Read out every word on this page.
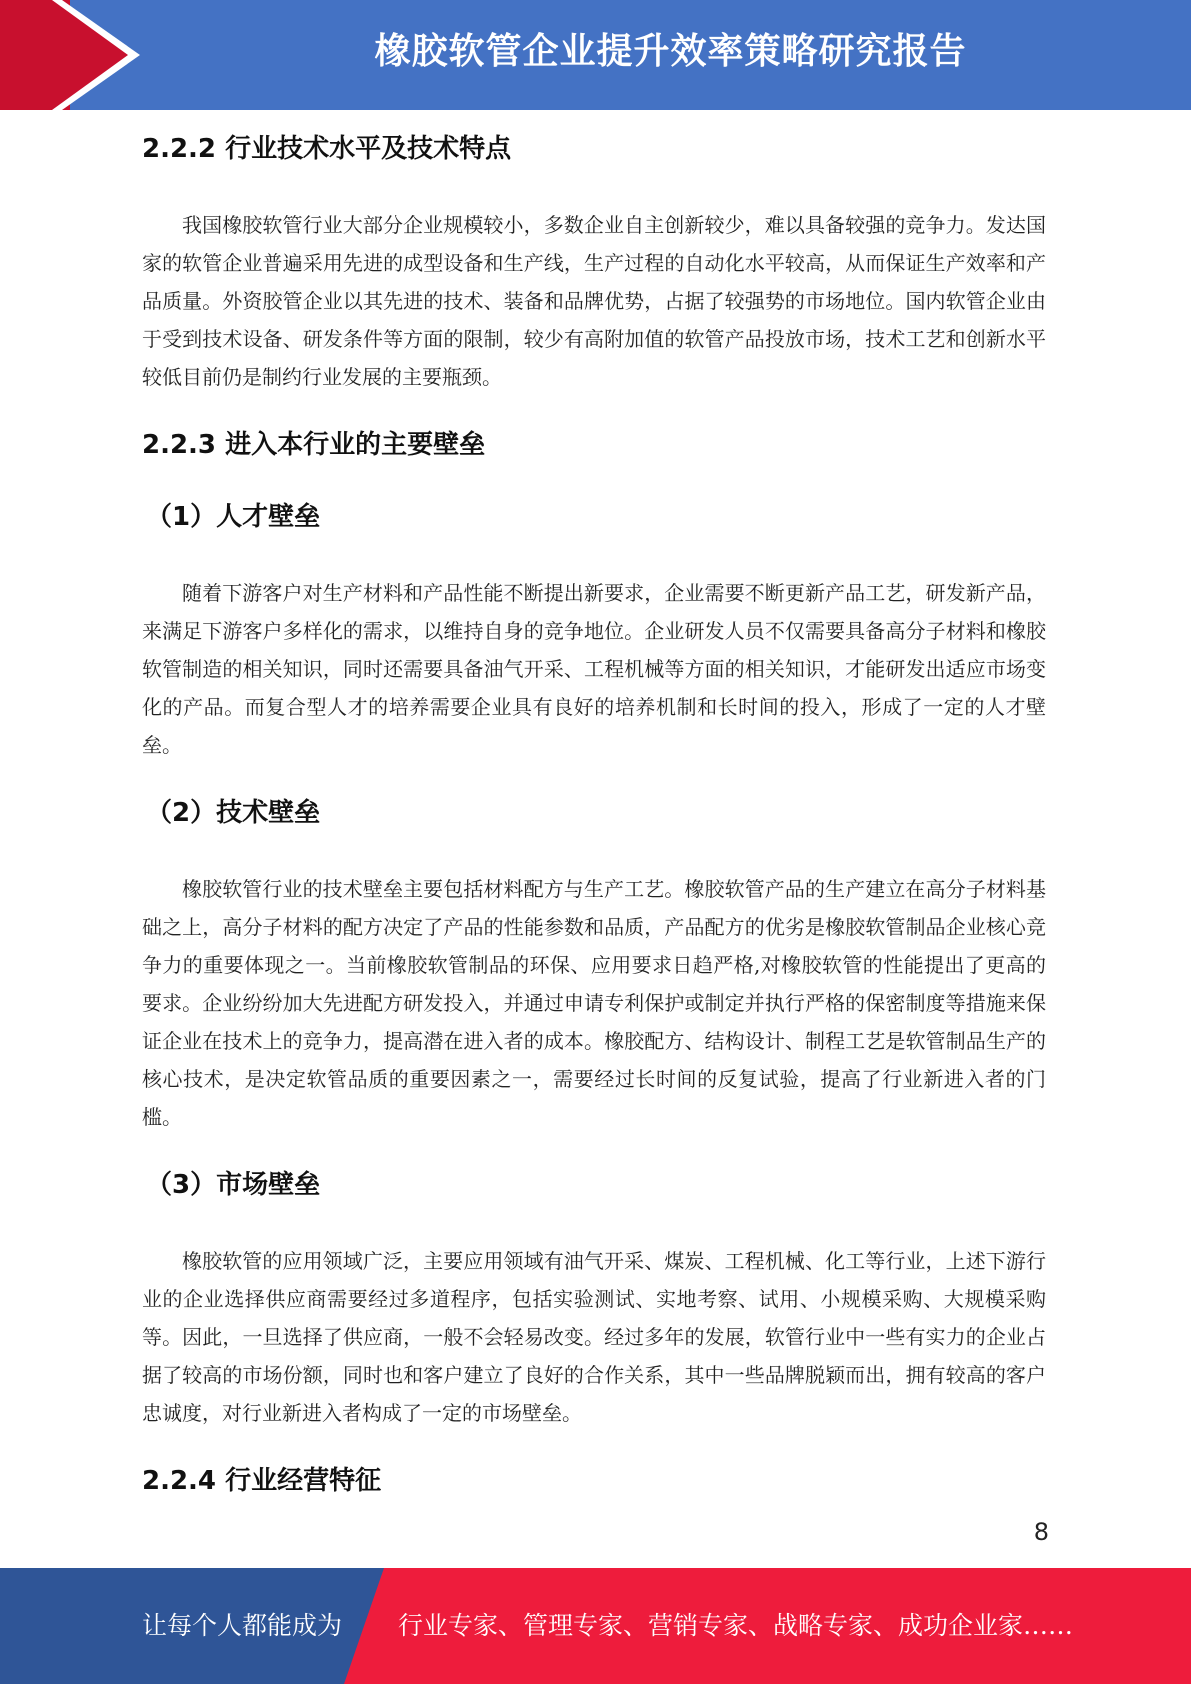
橡胶软管企业提升效率策略研究报告
2.2.2 行业技术水平及技术特点

我国橡胶软管行业大部分企业规模较小，多数企业自主创新较少，难以具备较强的竞争力。发达国家的软管企业普遍采用先进的成型设备和生产线，生产过程的自动化水平较高，从而保证生产效率和产品质量。外资胶管企业以其先进的技术、装备和品牌优势，占据了较强势的市场地位。国内软管企业由于受到技术设备、研发条件等方面的限制，较少有高附加值的软管产品投放市场，技术工艺和创新水平较低目前仍是制约行业发展的主要瓶颈。

2.2.3 进入本行业的主要壁垒
（1）人才壁垒

随着下游客户对生产材料和产品性能不断提出新要求，企业需要不断更新产品工艺，研发新产品，来满足下游客户多样化的需求，以维持自身的竞争地位。企业研发人员不仅需要具备高分子材料和橡胶软管制造的相关知识，同时还需要具备油气开采、工程机械等方面的相关知识，才能研发出适应市场变化的产品。而复合型人才的培养需要企业具有良好的培养机制和长时间的投入，形成了一定的人才壁垒。

（2）技术壁垒

橡胶软管行业的技术壁垒主要包括材料配方与生产工艺。橡胶软管产品的生产建立在高分子材料基础之上，高分子材料的配方决定了产品的性能参数和品质，产品配方的优劣是橡胶软管制品企业核心竞争力的重要体现之一。当前橡胶软管制品的环保、应用要求日趋严格,对橡胶软管的性能提出了更高的要求。企业纷纷加大先进配方研发投入，并通过申请专利保护或制定并执行严格的保密制度等措施来保证企业在技术上的竞争力，提高潜在进入者的成本。橡胶配方、结构设计、制程工艺是软管制品生产的核心技术，是决定软管品质的重要因素之一，需要经过长时间的反复试验，提高了行业新进入者的门槛。

（3）市场壁垒

橡胶软管的应用领域广泛，主要应用领域有油气开采、煤炭、工程机械、化工等行业，上述下游行业的企业选择供应商需要经过多道程序，包括实验测试、实地考察、试用、小规模采购、大规模采购等。因此，一旦选择了供应商，一般不会轻易改变。经过多年的发展，软管行业中一些有实力的企业占据了较高的市场份额，同时也和客户建立了良好的合作关系，其中一些品牌脱颖而出，拥有较高的客户忠诚度，对行业新进入者构成了一定的市场壁垒。

2.2.4 行业经营特征
8
让每个人都能成为 行业专家、管理专家、营销专家、战略专家、成功企业家……
